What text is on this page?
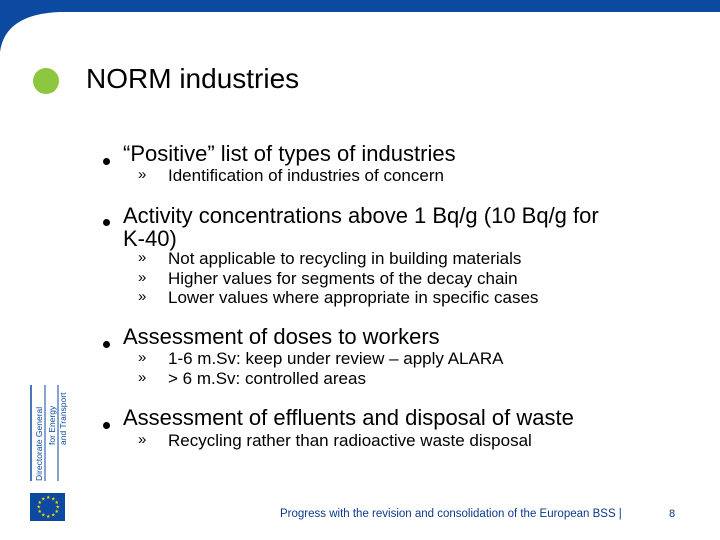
NORM industries
“Positive” list of types of industries
» Identification of industries of concern
Activity concentrations above 1 Bq/g (10 Bq/g for
K-40)
» Not applicable to recycling in building materials
» Higher values for segments of the decay chain
» Lower values where appropriate in specific cases
Assessment of doses to workers
» 1-6 m.Sv: keep under review – apply ALARA
» > 6 m.Sv: controlled areas
Assessment of effluents and disposal of waste
» Recycling rather than radioactive waste disposal
Directorate General for Energy and Transport
★ ★
★
★
★
★
★
★
★
★
★
★
Progress with the revision and consolidation of the European BSS |	8
